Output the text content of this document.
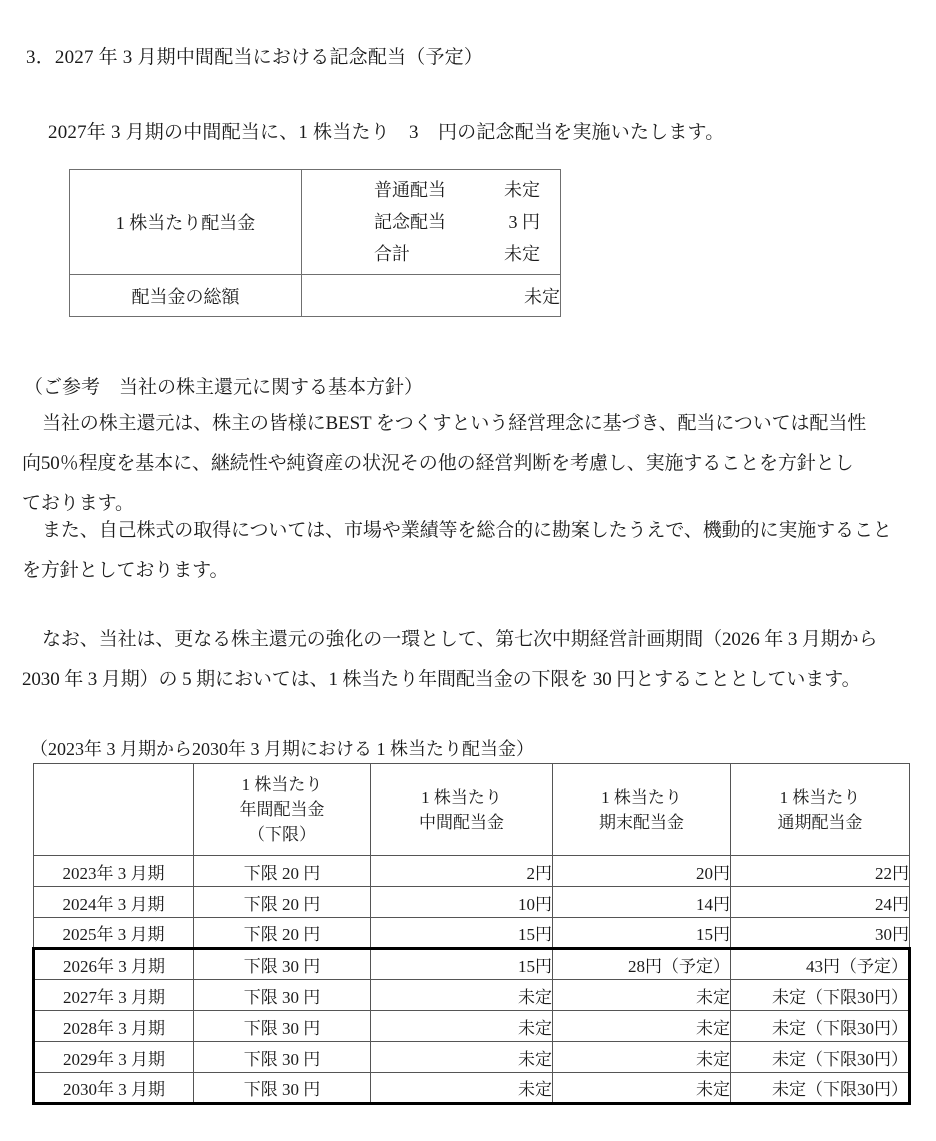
3．2027 年 3 月期中間配当における記念配当（予定）
2027年 3 月期の中間配当に、1 株当たり　3　円の記念配当を実施いたします。
1 株当たり配当金	
普通配当	未定
記念配当	3 円
合計	未定

配当金の総額	未定
（ご参考　当社の株主還元に関する基本方針）
当社の株主還元は、株主の皆様にBEST をつくすという経営理念に基づき、配当については配当性
向50％程度を基本に、継続性や純資産の状況その他の経営判断を考慮し、実施することを方針とし
ております。
また、自己株式の取得については、市場や業績等を総合的に勘案したうえで、機動的に実施すること
を方針としております。
なお、当社は、更なる株主還元の強化の一環として、第七次中期経営計画期間（2026 年 3 月期から
2030 年 3 月期）の 5 期においては、1 株当たり年間配当金の下限を 30 円とすることとしています。
（2023年 3 月期から2030年 3 月期における 1 株当たり配当金）

	1 株当たり
年間配当金
（下限）	1 株当たり
中間配当金	1 株当たり
期末配当金	1 株当たり
通期配当金

2023年 3 月期	下限 20 円	2円	20円	22円
2024年 3 月期	下限 20 円	10円	14円	24円
2025年 3 月期	下限 20 円	15円	15円	30円
2026年 3 月期	下限 30 円	15円	28円（予定）	43円（予定）
2027年 3 月期	下限 30 円	未定	未定	未定（下限30円）
2028年 3 月期	下限 30 円	未定	未定	未定（下限30円）
2029年 3 月期	下限 30 円	未定	未定	未定（下限30円）
2030年 3 月期	下限 30 円	未定	未定	未定（下限30円）
